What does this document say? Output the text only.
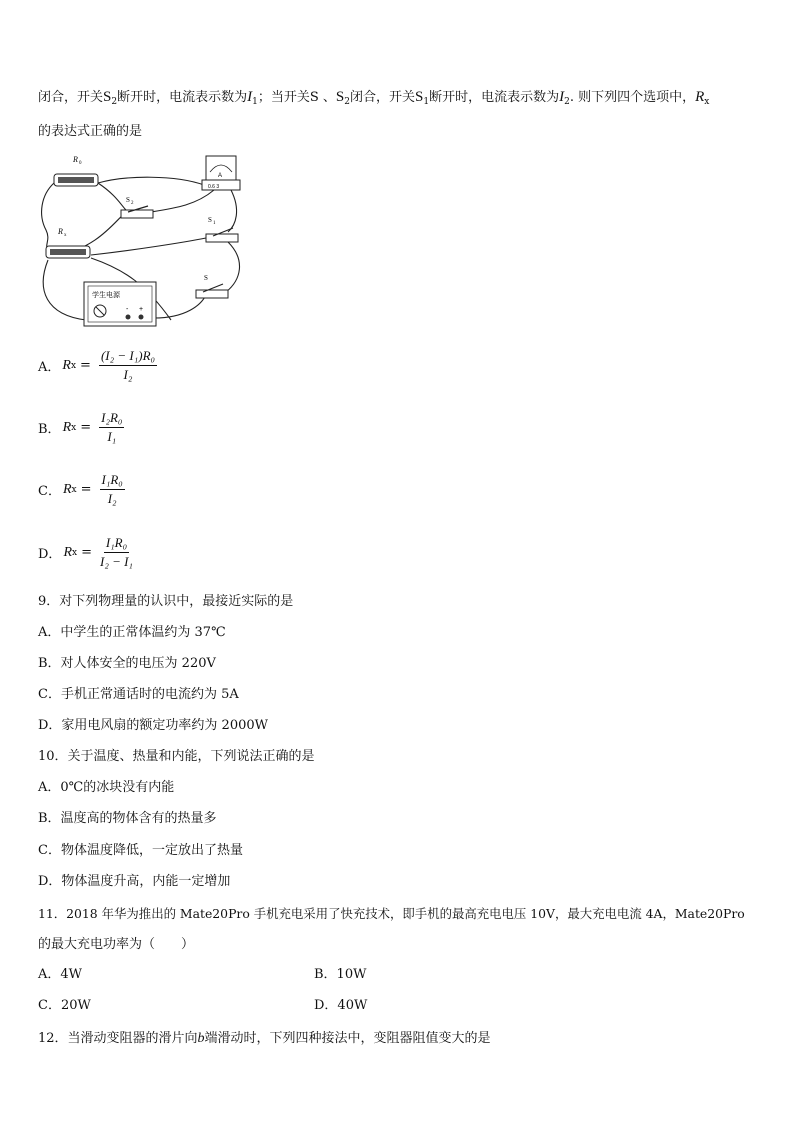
闭合，开关$S_2$断开时，电流表示数为$I_1$；当开关S 、$S_2$闭合，开关$S_1$断开时，电流表示数为$I_2$. 则下列四个选项中，$R_x$
的表达式正确的是
R 0
R x
A
0.6 3
S 2
S 1
S
学生电源
- +
A． R $x = \frac{\text{(I₂ − I₁)R₀}}{\text{I₂}}$
B． R $x = \frac{\text{I₂R₀}}{\text{I₁}}$
C． R $x = \frac{\text{I₁R₀}}{\text{I₂}}$
D． R $x = \frac{\text{I₁R₀}}{\text{I₂ − I₁}}$
9．对下列物理量的认识中，最接近实际的是
A．中学生的正常体温约为 37℃
B．对人体安全的电压为 220V
C．手机正常通话时的电流约为 5A
D．家用电风扇的额定功率约为 2000W
10．关于温度、热量和内能，下列说法正确的是
A．0℃的冰块没有内能
B．温度高的物体含有的热量多
C．物体温度降低，一定放出了热量
D．物体温度升高，内能一定增加
11．2018 年华为推出的 Mate20Pro 手机充电采用了快充技术，即手机的最高充电电压 10V，最大充电电流 4A，Mate20Pro
的最大充电功率为（　　）
A．4W	B．10W
C．20W	D．40W
12．当滑动变阻器的滑片向b端滑动时，下列四种接法中，变阻器阻值变大的是
